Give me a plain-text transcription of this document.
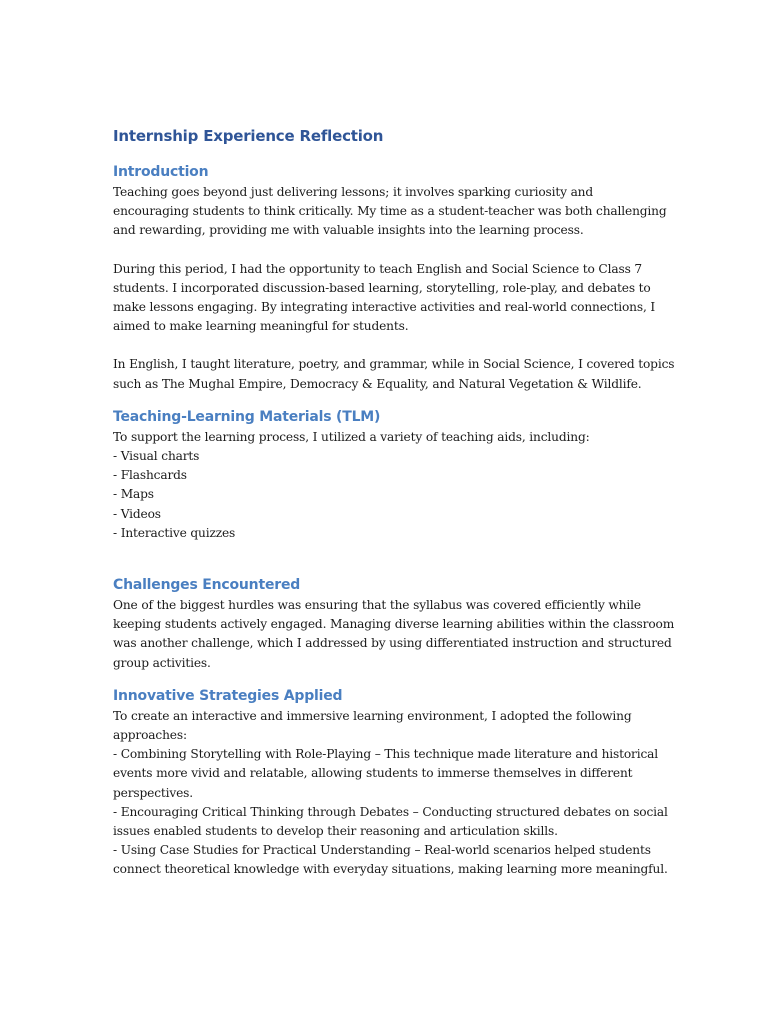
Internship Experience Reflection
Introduction

Teaching goes beyond just delivering lessons; it involves sparking curiosity and
encouraging students to think critically. My time as a student-teacher was both challenging
and rewarding, providing me with valuable insights into the learning process.

During this period, I had the opportunity to teach English and Social Science to Class 7
students. I incorporated discussion-based learning, storytelling, role-play, and debates to
make lessons engaging. By integrating interactive activities and real-world connections, I
aimed to make learning meaningful for students.

In English, I taught literature, poetry, and grammar, while in Social Science, I covered topics
such as The Mughal Empire, Democracy & Equality, and Natural Vegetation & Wildlife.

Teaching-Learning Materials (TLM)

To support the learning process, I utilized a variety of teaching aids, including:
- Visual charts
- Flashcards
- Maps
- Videos
- Interactive quizzes

Challenges Encountered

One of the biggest hurdles was ensuring that the syllabus was covered efficiently while
keeping students actively engaged. Managing diverse learning abilities within the classroom
was another challenge, which I addressed by using differentiated instruction and structured
group activities.

Innovative Strategies Applied

To create an interactive and immersive learning environment, I adopted the following
approaches:
- Combining Storytelling with Role-Playing – This technique made literature and historical
events more vivid and relatable, allowing students to immerse themselves in different
perspectives.
- Encouraging Critical Thinking through Debates – Conducting structured debates on social
issues enabled students to develop their reasoning and articulation skills.
- Using Case Studies for Practical Understanding – Real-world scenarios helped students
connect theoretical knowledge with everyday situations, making learning more meaningful.
